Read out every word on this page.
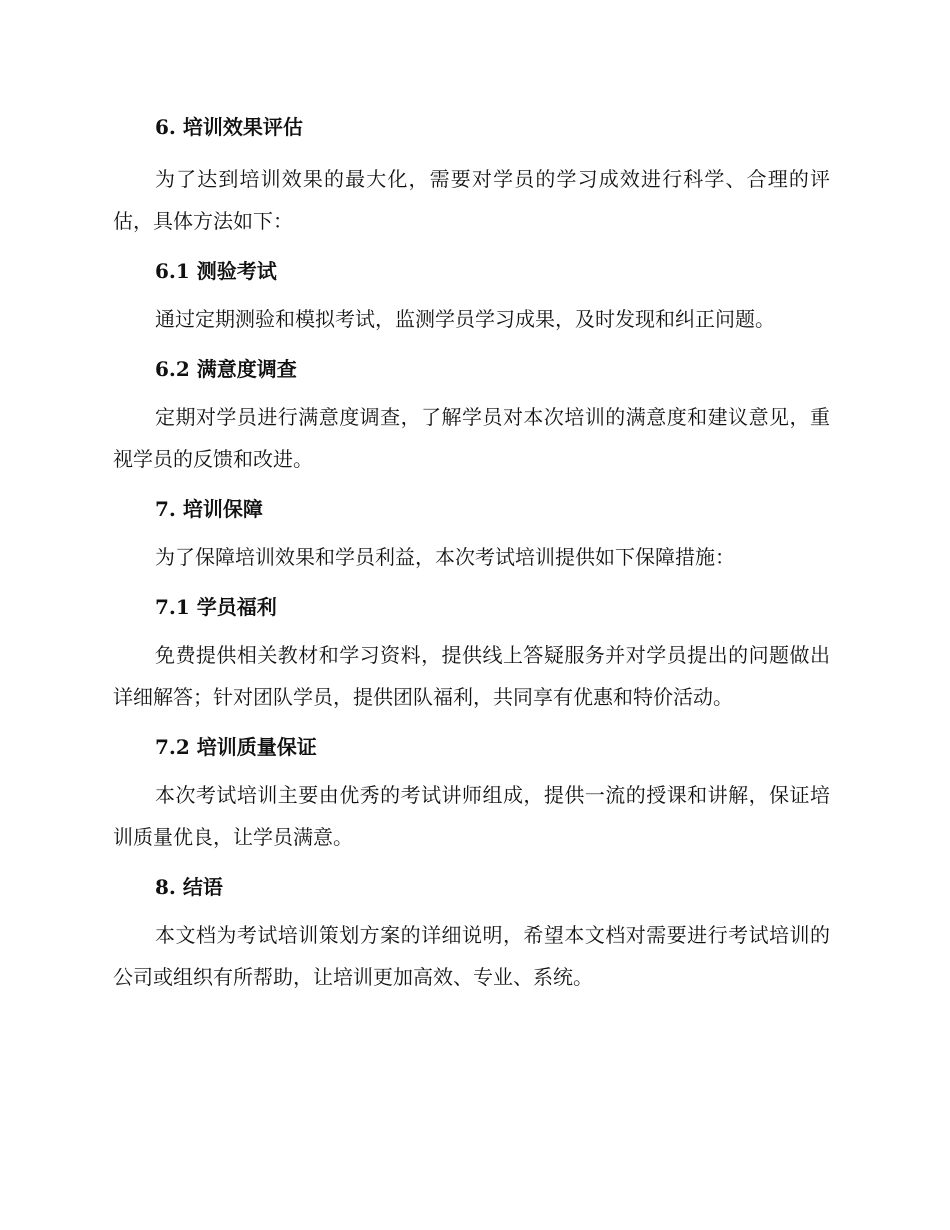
6. 培训效果评估

为了达到培训效果的最大化，需要对学员的学习成效进行科学、合理的评估，具体方法如下：

6.1 测验考试

通过定期测验和模拟考试，监测学员学习成果，及时发现和纠正问题。

6.2 满意度调查

定期对学员进行满意度调查，了解学员对本次培训的满意度和建议意见，重视学员的反馈和改进。

7. 培训保障

为了保障培训效果和学员利益，本次考试培训提供如下保障措施：

7.1 学员福利

免费提供相关教材和学习资料，提供线上答疑服务并对学员提出的问题做出详细解答；针对团队学员，提供团队福利，共同享有优惠和特价活动。

7.2 培训质量保证

本次考试培训主要由优秀的考试讲师组成，提供一流的授课和讲解，保证培训质量优良，让学员满意。

8. 结语

本文档为考试培训策划方案的详细说明，希望本文档对需要进行考试培训的公司或组织有所帮助，让培训更加高效、专业、系统。
